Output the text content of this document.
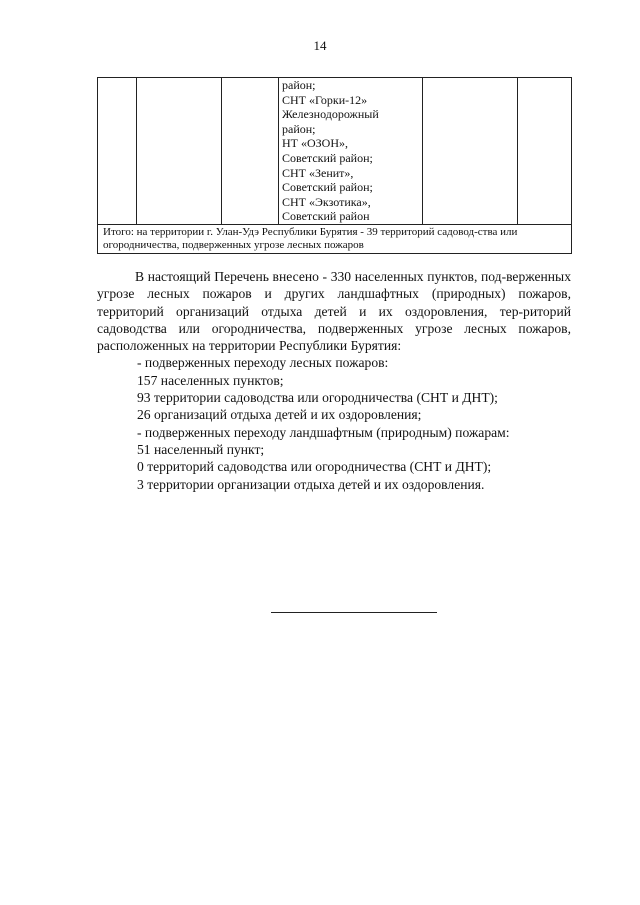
14

район;
СНТ «Горки-12»
Железнодорожный
район;
НТ «ОЗОН»,
Советский район;
СНТ «Зенит»,
Советский район;
СНТ «Экзотика»,
Советский район

Итого: на территории г. Улан-Удэ Республики Бурятия - 39 территорий садовод-ства или огородничества, подверженных угрозе лесных пожаров

В настоящий Перечень внесено - 330 населенных пунктов, под-верженных угрозе лесных пожаров и других ландшафтных (природных) пожаров, территорий организаций отдыха детей и их оздоровления, тер-риторий садоводства или огородничества, подверженных угрозе лесных пожаров, расположенных на территории Республики Бурятия:

- подверженных переходу лесных пожаров:

157 населенных пунктов;

93 территории садоводства или огородничества (СНТ и ДНТ);

26 организаций отдыха детей и их оздоровления;

- подверженных переходу ландшафтным (природным) пожарам:

51 населенный пункт;

0 территорий садоводства или огородничества (СНТ и ДНТ);

3 территории организации отдыха детей и их оздоровления.
